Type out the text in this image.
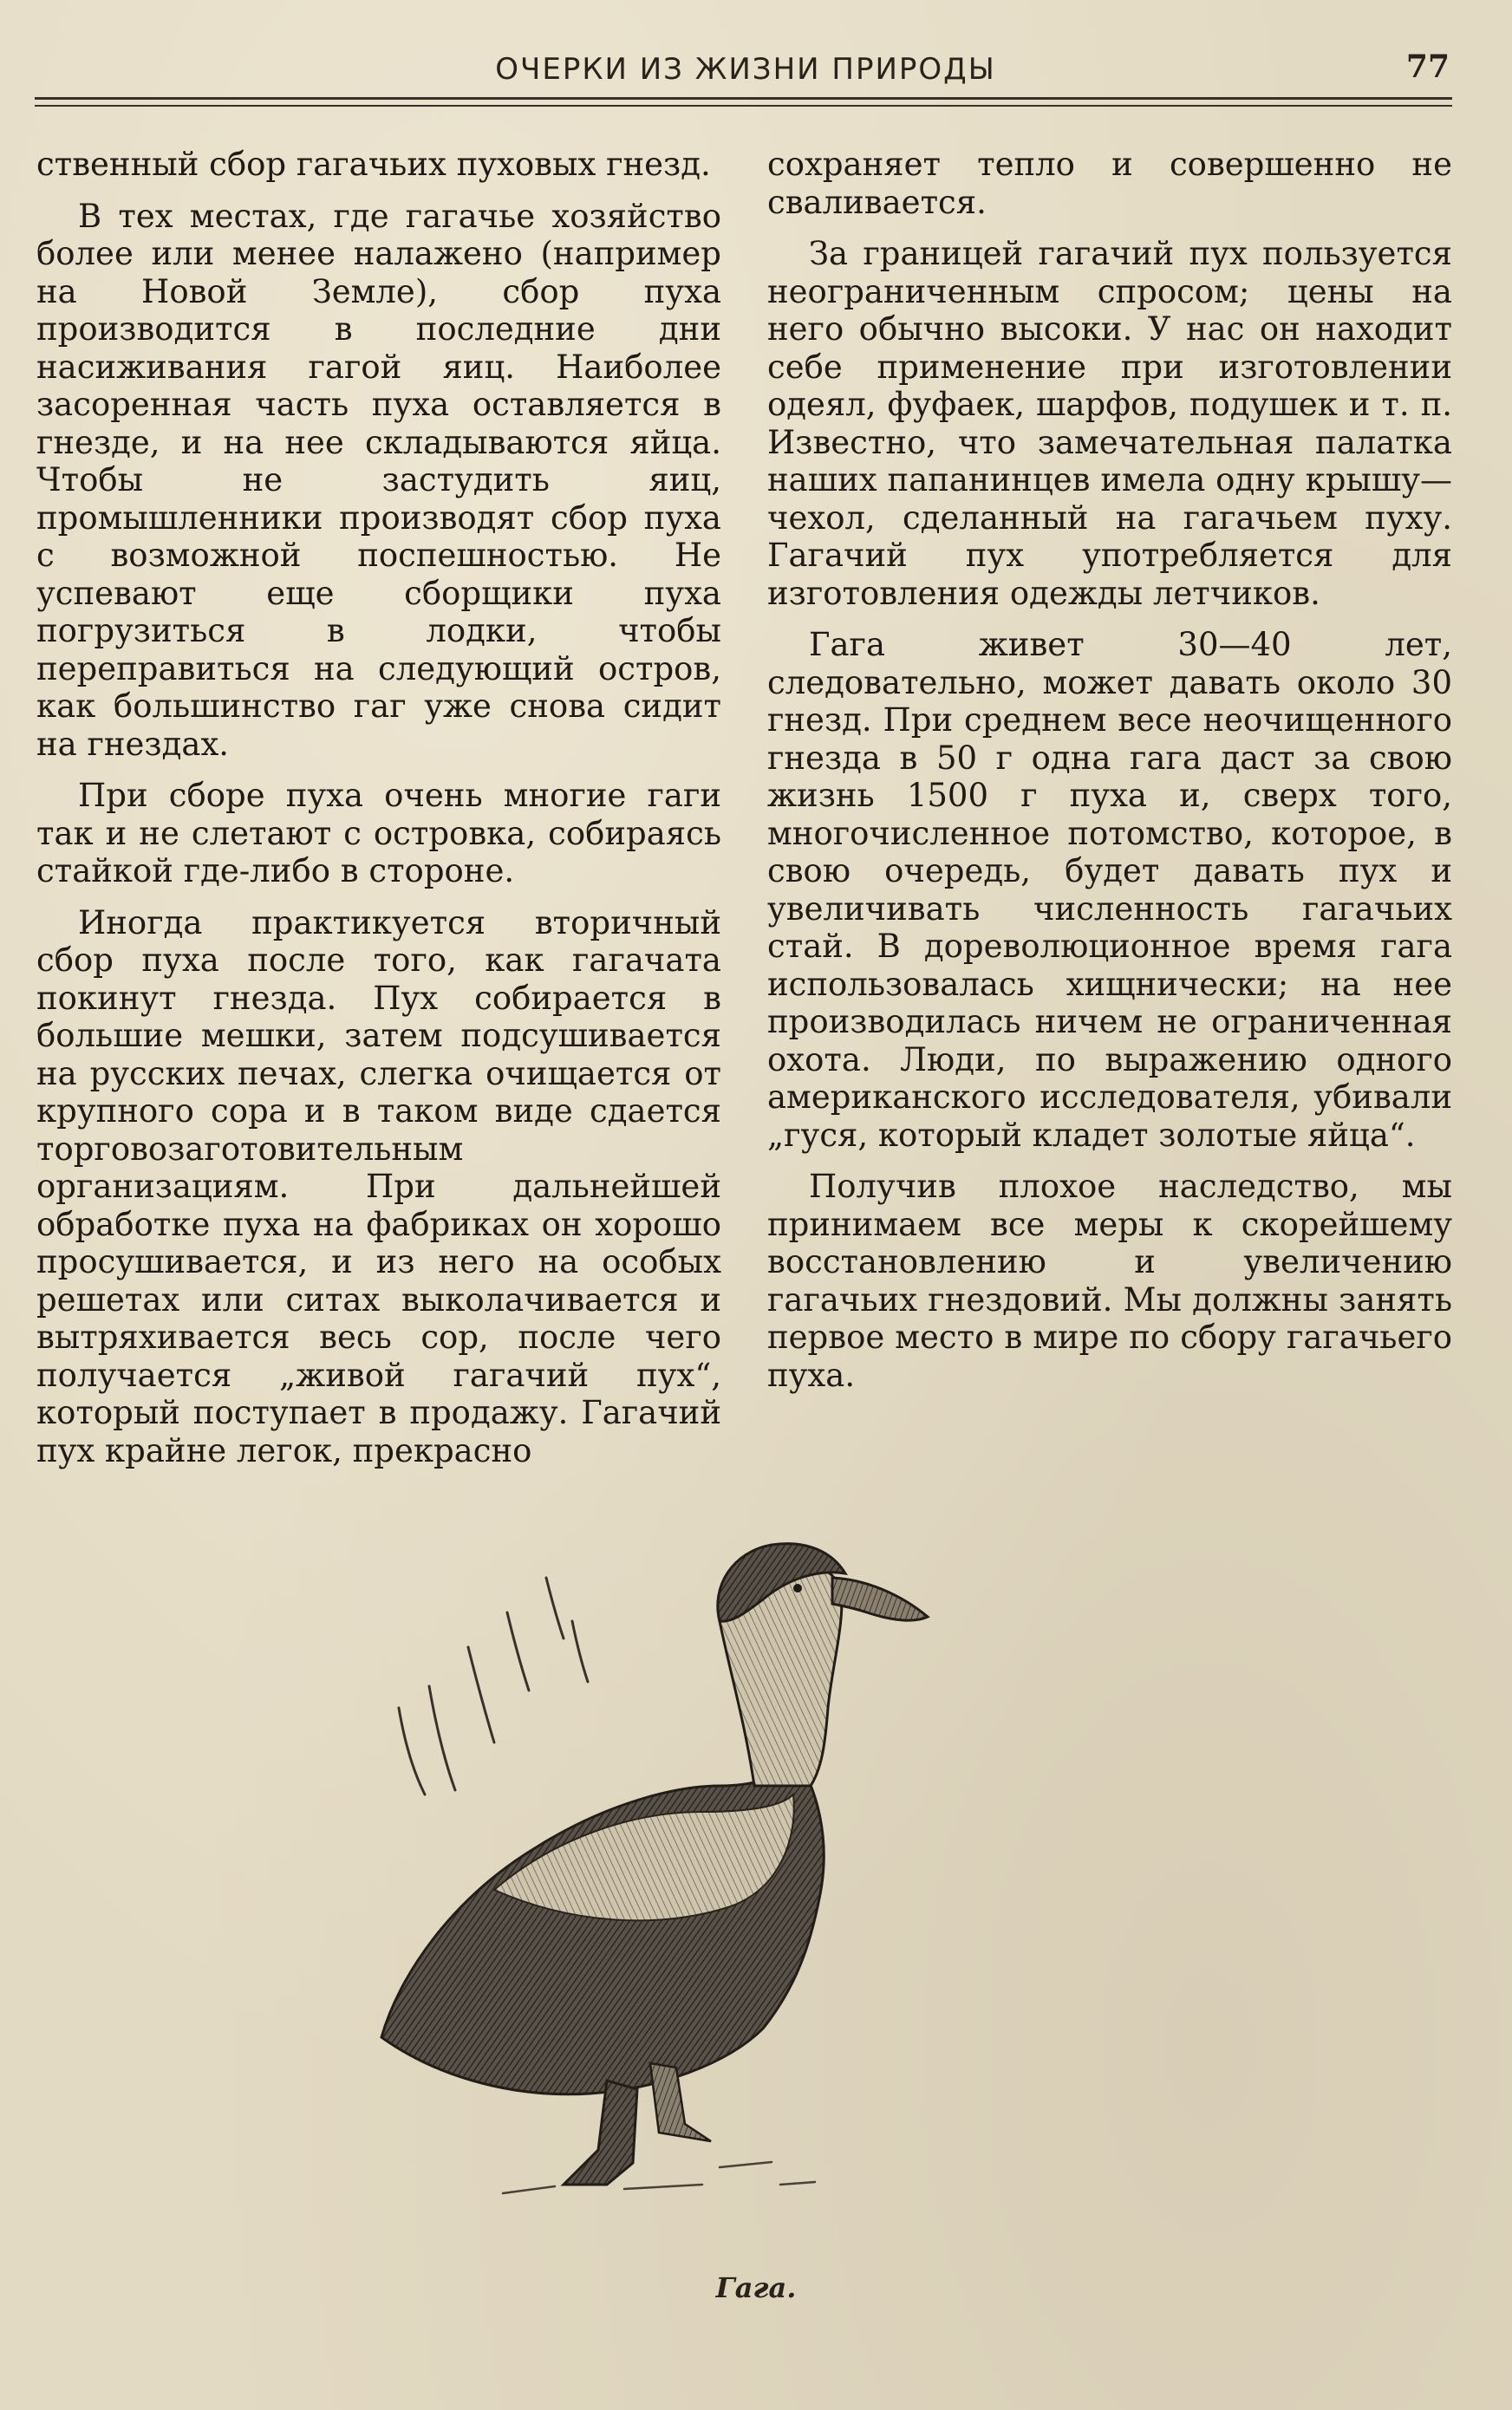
ОЧЕРКИ ИЗ ЖИЗНИ ПРИРОДЫ	77

ственный сбор гагачьих пуховых гнезд.

В тех местах, где гагачье хозяйство более или менее налажено (например на Новой Земле), сбор пуха производится в последние дни насиживания гагой яиц. Наиболее засоренная часть пуха оставляется в гнезде, и на нее складываются яйца. Чтобы не застудить яиц, промышленники производят сбор пуха с возможной поспешностью. Не успевают еще сборщики пуха погрузиться в лодки, чтобы переправиться на следующий остров, как большинство гаг уже снова сидит на гнездах.

При сборе пуха очень многие гаги так и не слетают с островка, собираясь стайкой где-либо в стороне.

Иногда практикуется вторичный сбор пуха после того, как гагачата покинут гнезда. Пух собирается в большие мешки, затем подсушивается на русских печах, слегка очищается от крупного сора и в таком виде сдается торговозаготовительным организациям. При дальнейшей обработке пуха на фабриках он хорошо просушивается, и из него на особых решетах или ситах выколачивается и вытряхивается весь сор, после чего получается „живой гагачий пух“, который поступает в продажу. Гагачий пух крайне легок, прекрасно

сохраняет тепло и совершенно не сваливается.

За границей гагачий пух пользуется неограниченным спросом; цены на него обычно высоки. У нас он находит себе применение при изготовлении одеял, фуфаек, шарфов, подушек и т. п. Известно, что замечательная палатка наших папанинцев имела одну крышу—чехол, сделанный на гагачьем пуху. Гагачий пух употребляется для изготовления одежды летчиков.

Гага живет 30—40 лет, следовательно, может давать около 30 гнезд. При среднем весе неочищенного гнезда в 50 г одна гага даст за свою жизнь 1500 г пуха и, сверх того, многочисленное потомство, которое, в свою очередь, будет давать пух и увеличивать численность гагачьих стай. В дореволюционное время гага использовалась хищнически; на нее производилась ничем не ограниченная охота. Люди, по выражению одного американского исследователя, убивали „гуся, который кладет золотые яйца“.

Получив плохое наследство, мы принимаем все меры к скорейшему восстановлению и увеличению гагачьих гнездовий. Мы должны занять первое место в мире по сбору гагачьего пуха.

Гага.
